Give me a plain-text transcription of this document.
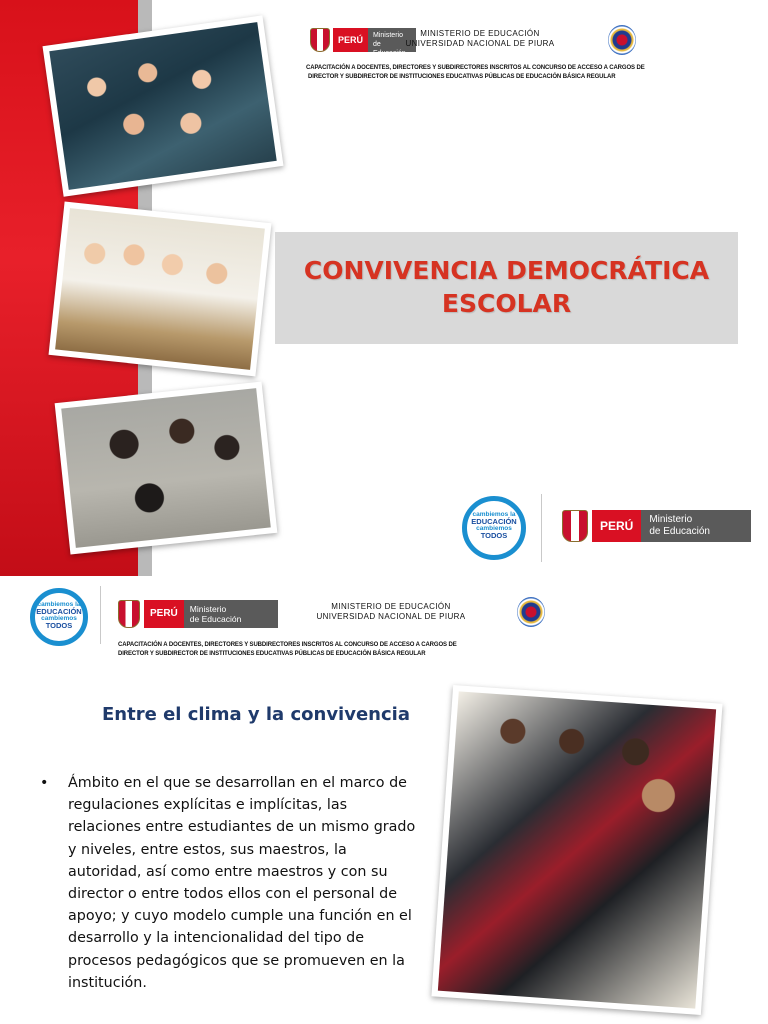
PERÚ Ministerio de Educación
MINISTERIO DE EDUCACIÓN
UNIVERSIDAD NACIONAL DE PIURA
CAPACITACIÓN A DOCENTES, DIRECTORES Y SUBDIRECTORES INSCRITOS AL CONCURSO DE ACCESO A CARGOS DE
DIRECTOR Y SUBDIRECTOR DE INSTITUCIONES EDUCATIVAS PÚBLICAS DE EDUCACIÓN BÁSICA REGULAR
CONVIVENCIA DEMOCRÁTICA
ESCOLAR
cambiemos la
EDUCACIÓN
cambiemos
TODOS
PERÚ Ministerio
de Educación
cambiemos la
EDUCACIÓN
cambiemos
TODOS
PERÚ Ministerio
de Educación
MINISTERIO DE EDUCACIÓN
UNIVERSIDAD NACIONAL DE PIURA
CAPACITACIÓN A DOCENTES, DIRECTORES Y SUBDIRECTORES INSCRITOS AL CONCURSO DE ACCESO A CARGOS DE
DIRECTOR Y SUBDIRECTOR DE INSTITUCIONES EDUCATIVAS PÚBLICAS DE EDUCACIÓN BÁSICA REGULAR
Entre el clima y la convivencia
• Ámbito en el que se desarrollan en el marco de regulaciones explícitas e implícitas, las relaciones entre estudiantes de un mismo grado y niveles, entre estos, sus maestros, la autoridad, así como entre maestros y con su director o entre todos ellos con el personal de apoyo; y cuyo modelo cumple una función en el desarrollo y la intencionalidad del tipo de procesos pedagógicos que se promueven en la institución.
